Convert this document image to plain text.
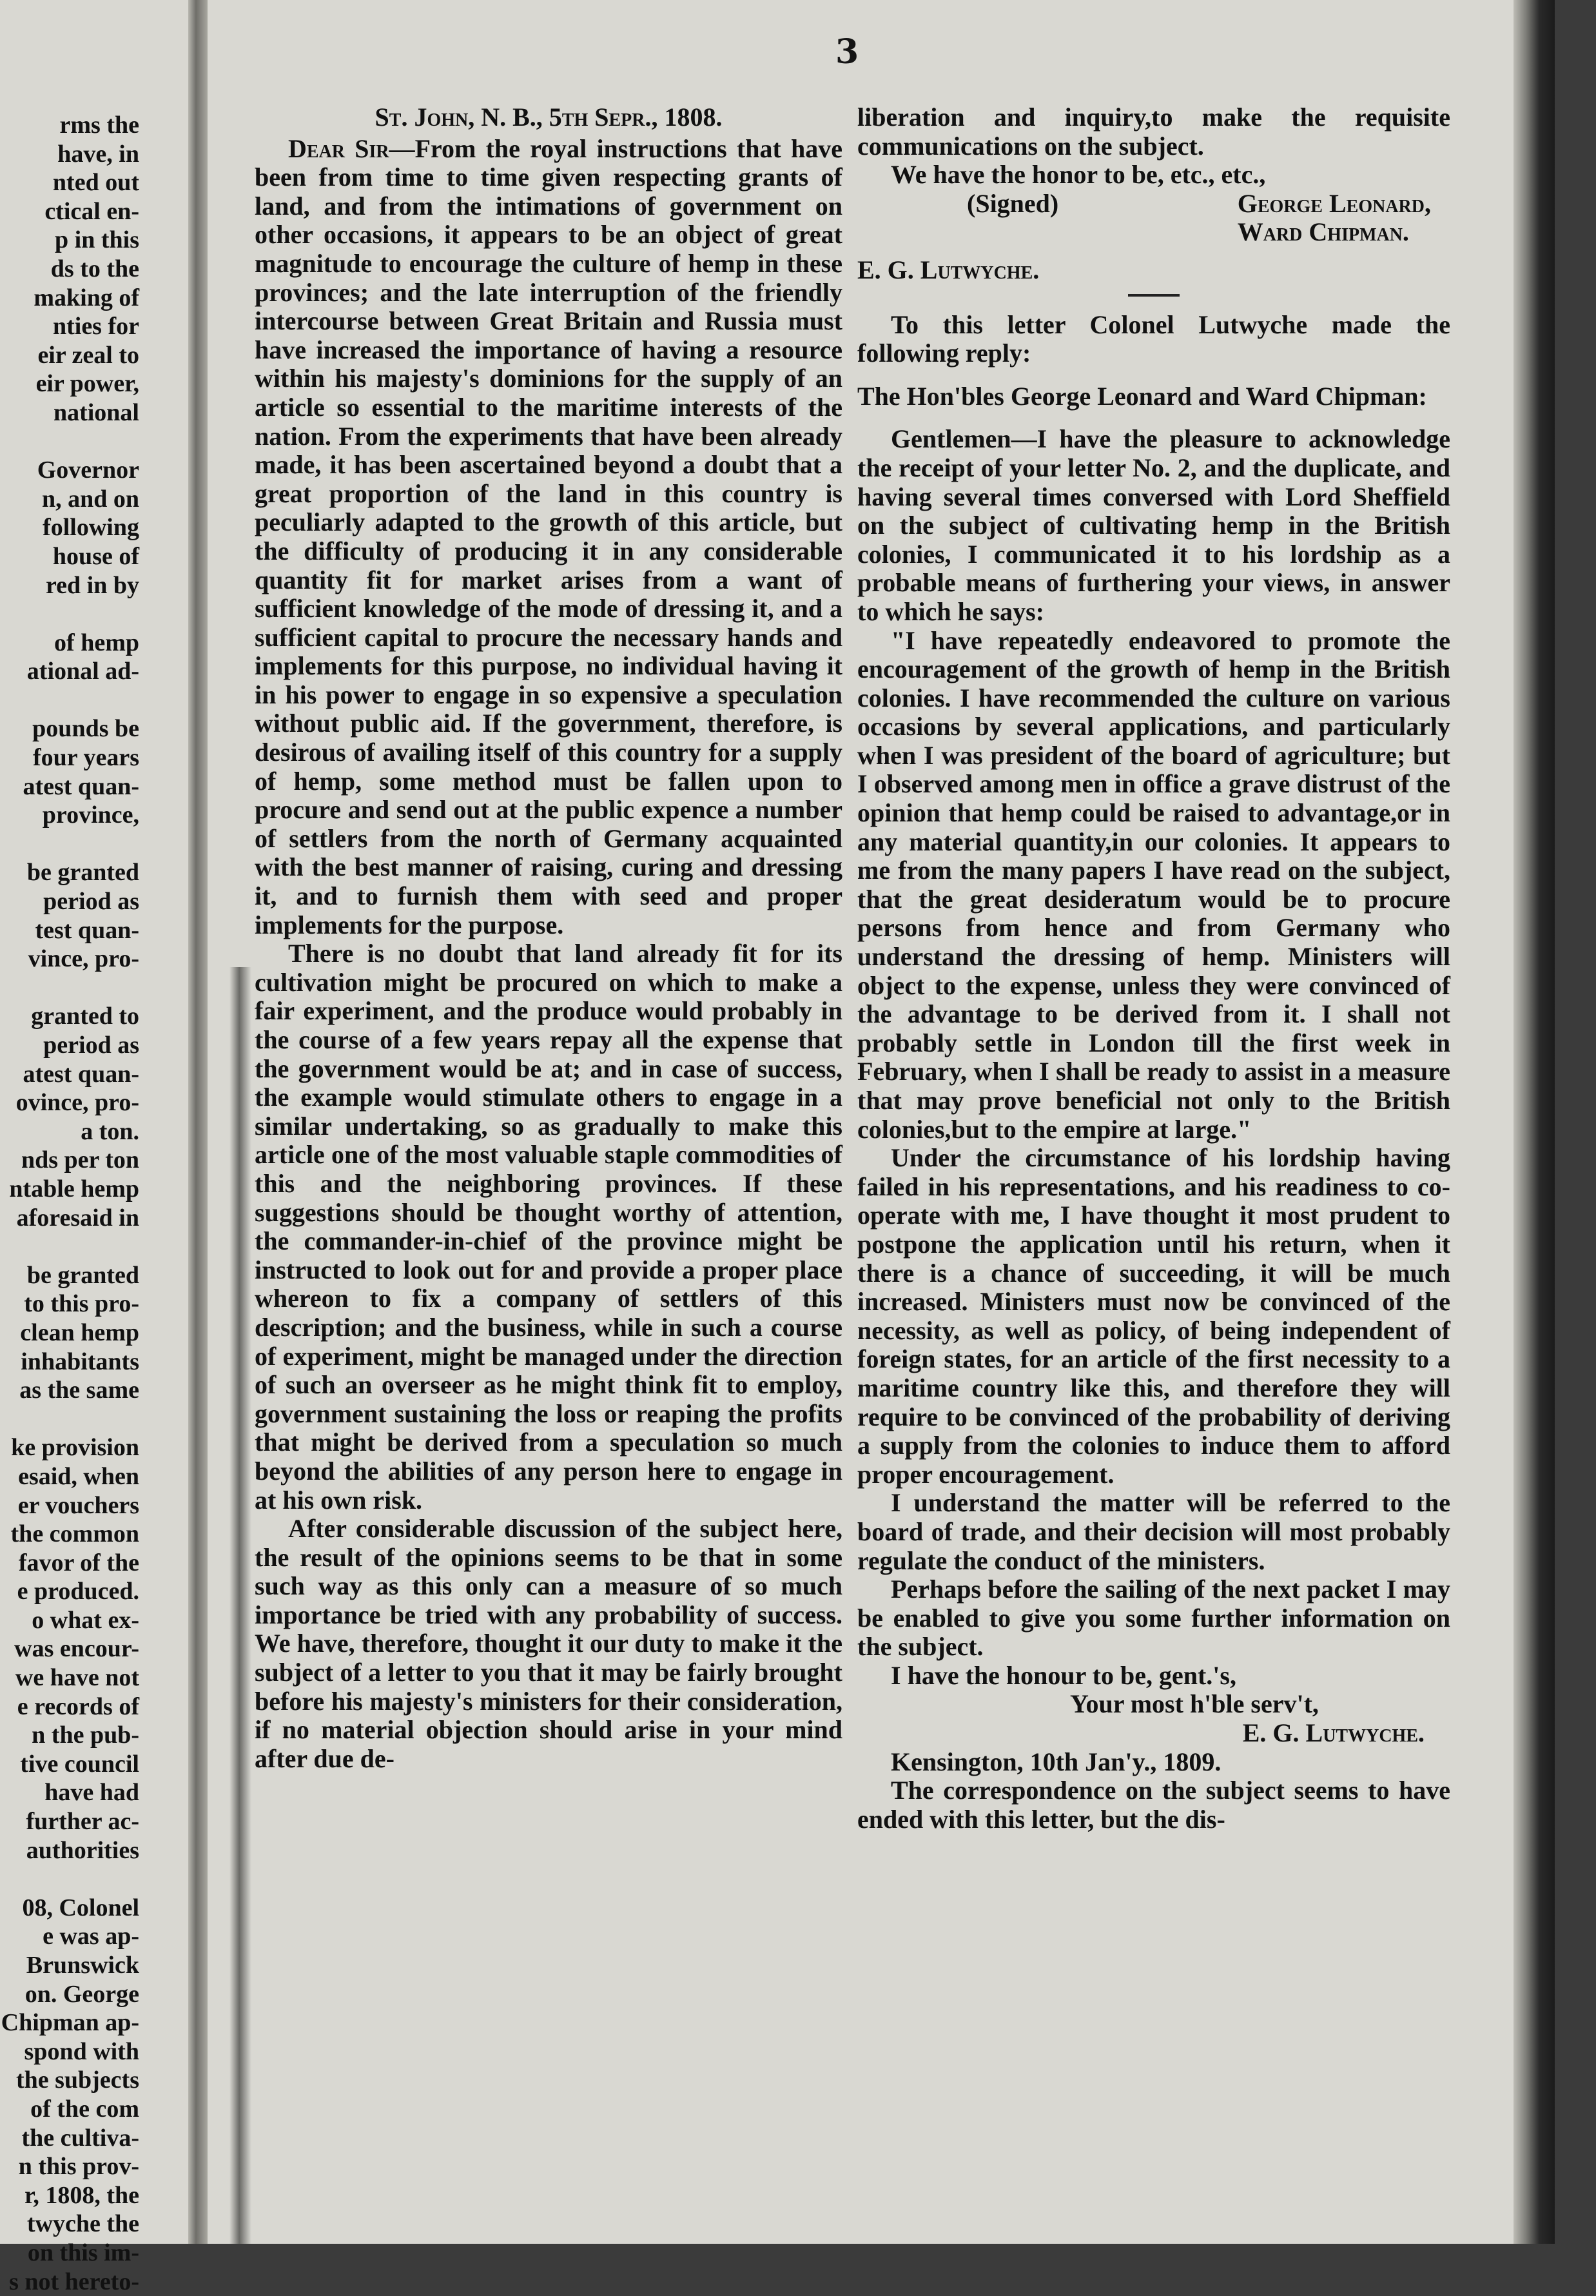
3
rms the
have, in
nted out
ctical en-
p in this
ds to the
making of
nties for
eir zeal to
eir power,
national
Governor
n, and on
following
house of
red in by
of hemp
ational ad-
pounds be
four years
atest quan-
province,
be granted
period as
test quan-
vince, pro-
granted to
period as
atest quan-
ovince, pro-
a ton.
nds per ton
ntable hemp
aforesaid in
be granted
to this pro-
clean hemp
inhabitants
as the same
ke provision
esaid, when
er vouchers
the common
favor of the
e produced.
o what ex-
was encour-
we have not
e records of
n the pub-
tive council
have had
further ac-
authorities
08, Colonel
e was ap-
Brunswick
on. George
Chipman ap-
spond with
the subjects
of the com
the cultiva-
n this prov-
r, 1808, the
twyche the
on this im-
s not hereto-

St. John, N. B., 5th Sepr., 1808.

Dear Sir—From the royal instructions that have been from time to time given respecting grants of land, and from the intimations of government on other occasions, it appears to be an object of great magnitude to encourage the culture of hemp in these provinces; and the late interruption of the friendly intercourse between Great Britain and Russia must have increased the importance of having a resource within his majesty's dominions for the supply of an article so essential to the maritime interests of the nation. From the experiments that have been already made, it has been ascertained beyond a doubt that a great proportion of the land in this country is peculiarly adapted to the growth of this article, but the difficulty of producing it in any considerable quantity fit for market arises from a want of sufficient knowledge of the mode of dressing it, and a sufficient capital to procure the necessary hands and implements for this purpose, no individual having it in his power to engage in so expensive a speculation without public aid. If the government, therefore, is desirous of availing itself of this country for a supply of hemp, some method must be fallen upon to procure and send out at the public expence a number of settlers from the north of Germany acquainted with the best manner of raising, curing and dressing it, and to furnish them with seed and proper implements for the purpose.

There is no doubt that land already fit for its cultivation might be procured on which to make a fair experiment, and the produce would probably in the course of a few years repay all the expense that the government would be at; and in case of success, the example would stimulate others to engage in a similar undertaking, so as gradually to make this article one of the most valuable staple commodities of this and the neighboring provinces. If these suggestions should be thought worthy of attention, the commander-in-chief of the province might be instructed to look out for and provide a proper place whereon to fix a company of settlers of this description; and the business, while in such a course of experiment, might be managed under the direction of such an overseer as he might think fit to employ, government sustaining the loss or reaping the profits that might be derived from a speculation so much beyond the abilities of any person here to engage in at his own risk.

After considerable discussion of the subject here, the result of the opinions seems to be that in some such way as this only can a measure of so much importance be tried with any probability of success. We have, therefore, thought it our duty to make it the subject of a letter to you that it may be fairly brought before his majesty's ministers for their consideration, if no material objection should arise in your mind after due de-

liberation and inquiry,to make the requisite communications on the subject.

We have the honor to be, etc., etc.,

(Signed)	George Leonard,
Ward Chipman.

E. G. Lutwyche.

To this letter Colonel Lutwyche made the following reply:

The Hon'bles George Leonard and Ward Chipman:

Gentlemen—I have the pleasure to acknowledge the receipt of your letter No. 2, and the duplicate, and having several times conversed with Lord Sheffield on the subject of cultivating hemp in the British colonies, I communicated it to his lordship as a probable means of furthering your views, in answer to which he says:

"I have repeatedly endeavored to promote the encouragement of the growth of hemp in the British colonies. I have recommended the culture on various occasions by several applications, and particularly when I was president of the board of agriculture; but I observed among men in office a grave distrust of the opinion that hemp could be raised to advantage,or in any material quantity,in our colonies. It appears to me from the many papers I have read on the subject, that the great desideratum would be to procure persons from hence and from Germany who understand the dressing of hemp. Ministers will object to the expense, unless they were convinced of the advantage to be derived from it. I shall not probably settle in London till the first week in February, when I shall be ready to assist in a measure that may prove beneficial not only to the British colonies,but to the empire at large."

Under the circumstance of his lordship having failed in his representations, and his readiness to co-operate with me, I have thought it most prudent to postpone the application until his return, when it there is a chance of succeeding, it will be much increased. Ministers must now be convinced of the necessity, as well as policy, of being independent of foreign states, for an article of the first necessity to a maritime country like this, and therefore they will require to be convinced of the probability of deriving a supply from the colonies to induce them to afford proper encouragement.

I understand the matter will be referred to the board of trade, and their decision will most probably regulate the conduct of the ministers.

Perhaps before the sailing of the next packet I may be enabled to give you some further information on the subject.

I have the honour to be, gent.'s,

Your most h'ble serv't,

E. G. Lutwyche.

Kensington, 10th Jan'y., 1809.

The correspondence on the subject seems to have ended with this letter, but the dis-
